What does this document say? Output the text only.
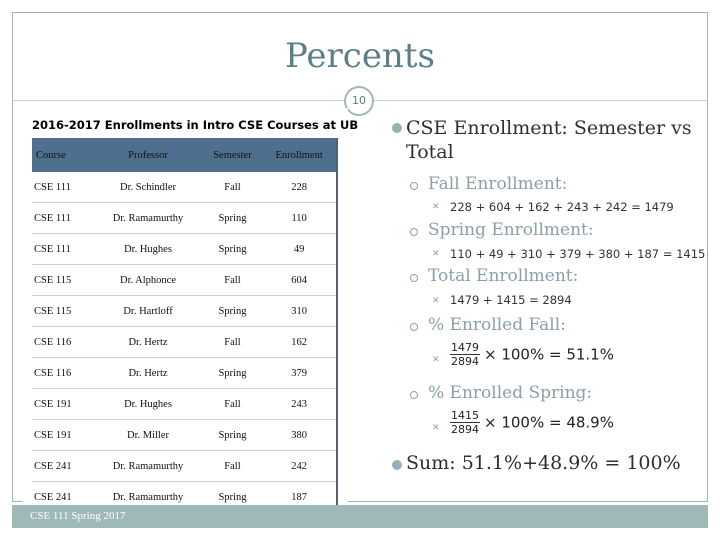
Percents
10
2016-2017 Enrollments in Intro CSE Courses at UB
Course	Professor	Semester	Enrollment
CSE 111	Dr. Schindler	Fall	228
CSE 111	Dr. Ramamurthy	Spring	110
CSE 111	Dr. Hughes	Spring	49
CSE 115	Dr. Alphonce	Fall	604
CSE 115	Dr. Hartloff	Spring	310
CSE 116	Dr. Hertz	Fall	162
CSE 116	Dr. Hertz	Spring	379
CSE 191	Dr. Hughes	Fall	243
CSE 191	Dr. Miller	Spring	380
CSE 241	Dr. Ramamurthy	Fall	242
CSE 241	Dr. Ramamurthy	Spring	187
CSE Enrollment: Semester vs Total
Fall Enrollment:
✕ 228 + 604 + 162 + 243 + 242 = 1479
Spring Enrollment:
✕ 110 + 49 + 310 + 379 + 380 + 187 = 1415
Total Enrollment:
✕ 1479 + 1415 = 2894
% Enrolled Fall:
✕ $\frac{1479}{2894} \times 100\% = 51.1\%$
% Enrolled Spring:
✕ $\frac{1415}{2894} \times 100\% = 48.9\%$
Sum: 51.1%+48.9% = 100%
CSE 111 Spring 2017
